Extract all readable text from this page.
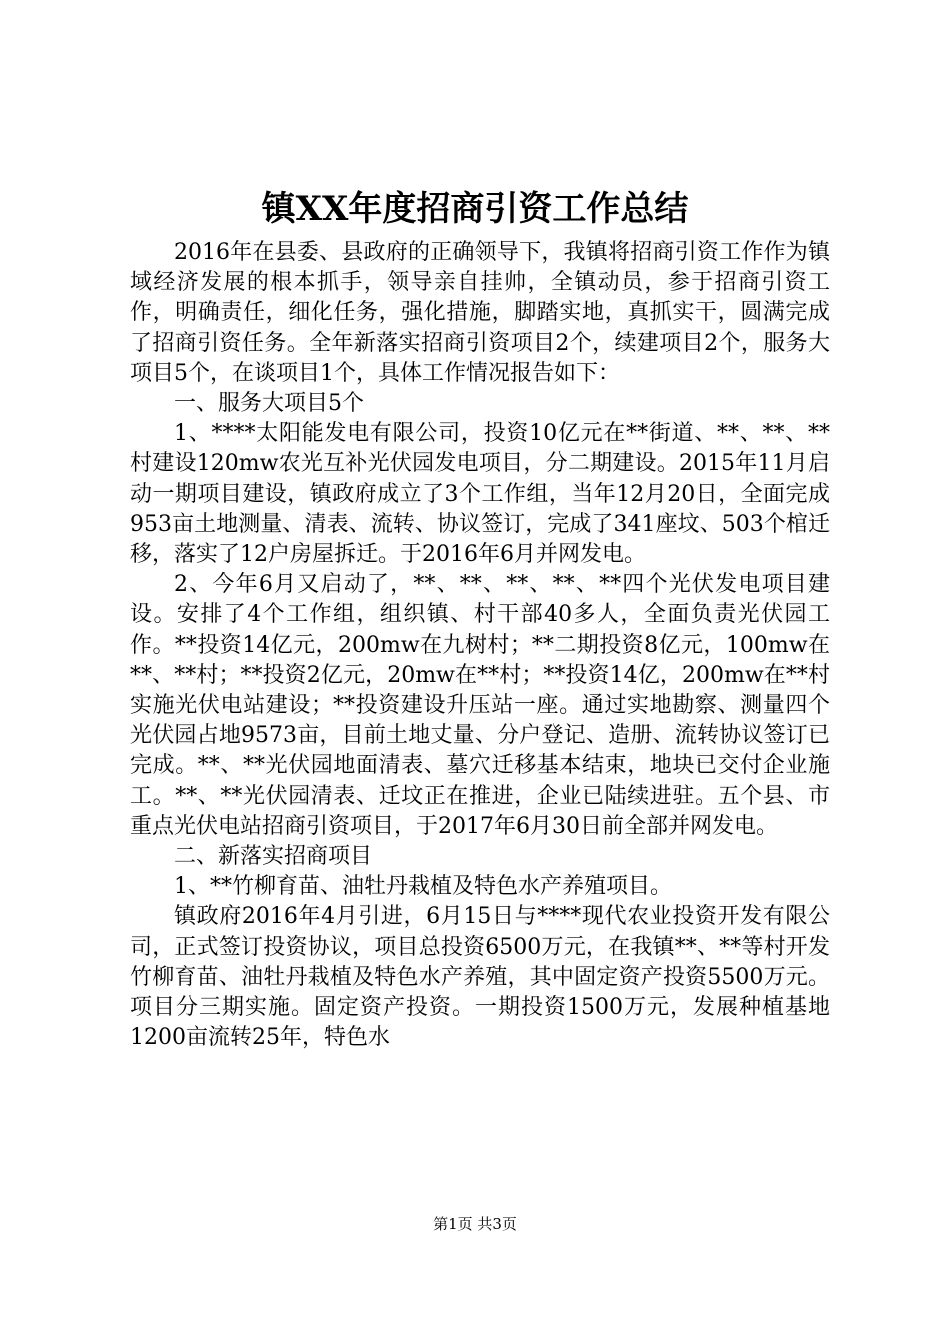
镇XX年度招商引资工作总结

2016年在县委、县政府的正确领导下，我镇将招商引资工作作为镇域经济发展的根本抓手，领导亲自挂帅，全镇动员，参于招商引资工作，明确责任，细化任务，强化措施，脚踏实地，真抓实干，圆满完成了招商引资任务。全年新落实招商引资项目2个，续建项目2个，服务大项目5个，在谈项目1个，具体工作情况报告如下：

一、服务大项目5个

1、****太阳能发电有限公司，投资10亿元在**街道、**、**、**村建设120mw农光互补光伏园发电项目，分二期建设。2015年11月启动一期项目建设，镇政府成立了3个工作组，当年12月20日，全面完成953亩土地测量、清表、流转、协议签订，完成了341座坟、503个棺迁移，落实了12户房屋拆迁。于2016年6月并网发电。

2、今年6月又启动了，**、**、**、**、**四个光伏发电项目建设。安排了4个工作组，组织镇、村干部40多人，全面负责光伏园工作。**投资14亿元，200mw在九树村；**二期投资8亿元，100mw在**、**村；**投资2亿元，20mw在**村；**投资14亿，200mw在**村实施光伏电站建设；**投资建设升压站一座。通过实地勘察、测量四个光伏园占地9573亩，目前土地丈量、分户登记、造册、流转协议签订已完成。**、**光伏园地面清表、墓穴迁移基本结束，地块已交付企业施工。**、**光伏园清表、迁坟正在推进，企业已陆续进驻。五个县、市重点光伏电站招商引资项目，于2017年6月30日前全部并网发电。

二、新落实招商项目

1、**竹柳育苗、油牡丹栽植及特色水产养殖项目。

镇政府2016年4月引进，6月15日与****现代农业投资开发有限公司，正式签订投资协议，项目总投资6500万元，在我镇**、**等村开发竹柳育苗、油牡丹栽植及特色水产养殖，其中固定资产投资5500万元。项目分三期实施。固定资产投资。一期投资1500万元，发展种植基地1200亩流转25年，特色水

第1页 共3页
